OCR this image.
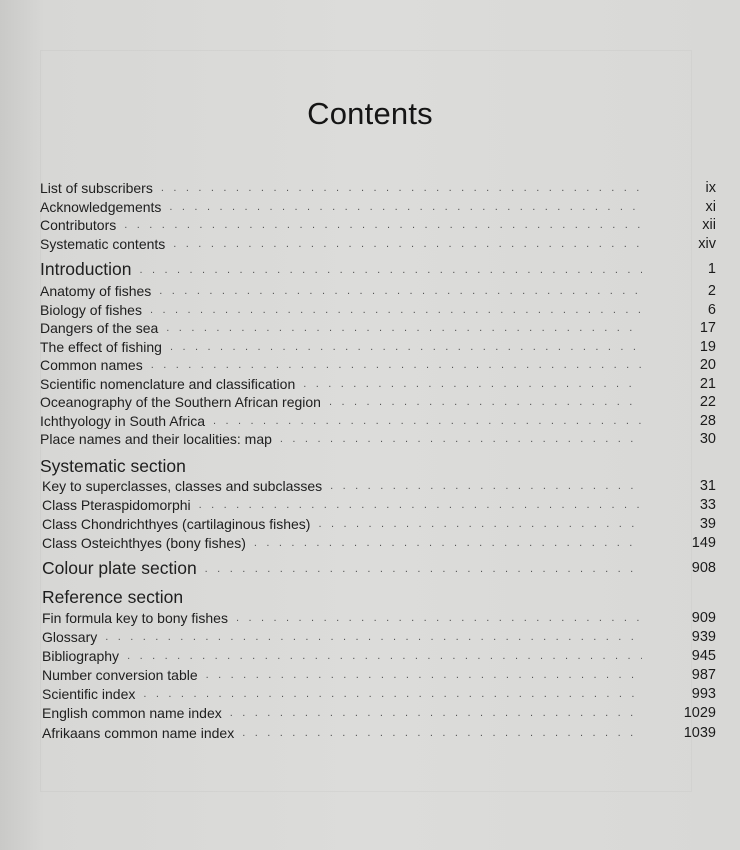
Contents
List of subscribers . . .	ix
Acknowledgements . . .	xi
Contributors . . .	xii
Systematic contents . . .	xiv
Introduction . . .	1
Anatomy of fishes . . .	2
Biology of fishes . . .	6
Dangers of the sea . . .	17
The effect of fishing . . .	19
Common names . . .	20
Scientific nomenclature and classification . . .	21
Oceanography of the Southern African region . . .	22
Ichthyology in South Africa . . .	28
Place names and their localities: map . . .	30
Systematic section
Key to superclasses, classes and subclasses . . .	31
Class Pteraspidomorphi . . .	33
Class Chondrichthyes (cartilaginous fishes) . . .	39
Class Osteichthyes (bony fishes) . . .	149
Colour plate section . . .	908
Reference section
Fin formula key to bony fishes . . .	909
Glossary . . .	939
Bibliography . . .	945
Number conversion table . . .	987
Scientific index . . .	993
English common name index . . .	1029
Afrikaans common name index . . .	1039
